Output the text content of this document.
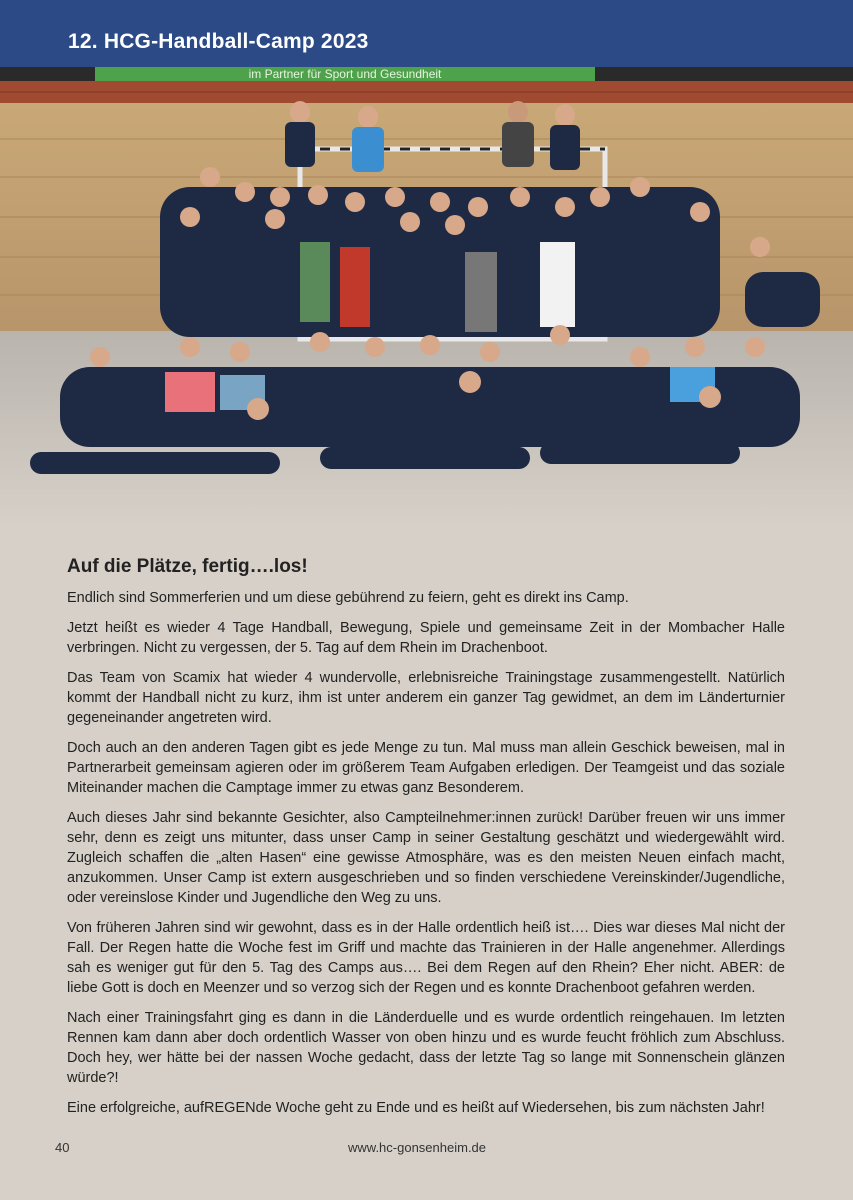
12. HCG-Handball-Camp 2023
im Partner für Sport und Gesundheit
Auf die Plätze, fertig….los!

Endlich sind Sommerferien und um diese gebührend zu feiern, geht es direkt ins Camp.

Jetzt heißt es wieder 4 Tage Handball, Bewegung, Spiele und gemeinsame Zeit in der Mombacher Halle verbringen. Nicht zu vergessen, der 5. Tag auf dem Rhein im Drachenboot.

Das Team von Scamix hat wieder 4 wundervolle, erlebnisreiche Trainingstage zusammengestellt. Natürlich kommt der Handball nicht zu kurz, ihm ist unter anderem ein ganzer Tag gewidmet, an dem im Länderturnier gegeneinander angetreten wird.

Doch auch an den anderen Tagen gibt es jede Menge zu tun. Mal muss man allein Geschick beweisen, mal in Partnerarbeit gemeinsam agieren oder im größerem Team Aufgaben erledigen. Der Teamgeist und das soziale Miteinander machen die Camptage immer zu etwas ganz Besonderem.

Auch dieses Jahr sind bekannte Gesichter, also Campteilnehmer:innen zurück! Darüber freuen wir uns immer sehr, denn es zeigt uns mitunter, dass unser Camp in seiner Gestaltung geschätzt und wiedergewählt wird. Zugleich schaffen die „alten Hasen“ eine gewisse Atmosphäre, was es den meisten Neuen einfach macht, anzukommen. Unser Camp ist extern ausgeschrieben und so finden verschiedene Vereinskinder/Jugendliche, oder vereinslose Kinder und Jugendliche den Weg zu uns.

Von früheren Jahren sind wir gewohnt, dass es in der Halle ordentlich heiß ist…. Dies war dieses Mal nicht der Fall. Der Regen hatte die Woche fest im Griff und machte das Trainieren in der Halle angenehmer. Allerdings sah es weniger gut für den 5. Tag des Camps aus…. Bei dem Regen auf den Rhein? Eher nicht. ABER: de liebe Gott is doch en Meenzer und so verzog sich der Regen und es konnte Drachenboot gefahren werden.

Nach einer Trainingsfahrt ging es dann in die Länderduelle und es wurde ordentlich reingehauen. Im letzten Rennen kam dann aber doch ordentlich Wasser von oben hinzu und es wurde feucht fröhlich zum Abschluss. Doch hey, wer hätte bei der nassen Woche gedacht, dass der letzte Tag so lange mit Sonnenschein glänzen würde?!

Eine erfolgreiche, aufREGENde Woche geht zu Ende und es heißt auf Wiedersehen, bis zum nächsten Jahr!

40	www.hc-gonsenheim.de
